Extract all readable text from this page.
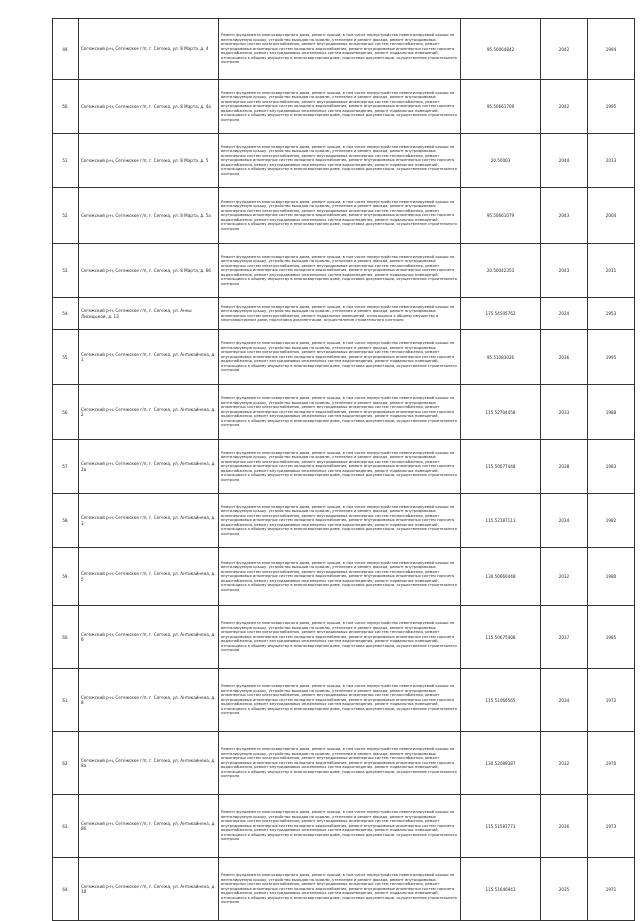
49.	Сегежский р-н, Сегежское г/п, г. Сегежа, ул. 8 Марта, д. 4	Ремонт фундамента многоквартирного дома, ремонт крыши, в том числе переустройство невентилируемой крыши на вентилируемую крышу, устройство выходов на кровлю, утепление и ремонт фасада, ремонт внутридомовых инженерных систем электроснабжения, ремонт внутридомовых инженерных систем теплоснабжения, ремонт внутридомовых инженерных систем холодного водоснабжения, ремонт внутридомовых инженерных систем горячего водоснабжения, ремонт внутридомовых инженерных систем водоотведения, ремонт подвальных помещений, относящихся к общему имуществу в многоквартирном доме, подготовка документации, осуществление строительного контроля	95.50064842	2042	1994
50.	Сегежский р-н, Сегежское г/п, г. Сегежа, ул. 8 Марта, д. 4а	Ремонт фундамента многоквартирного дома, ремонт крыши, в том числе переустройство невентилируемой крыши на вентилируемую крышу, устройство выходов на кровлю, утепление и ремонт фасада, ремонт внутридомовых инженерных систем электроснабжения, ремонт внутридомовых инженерных систем теплоснабжения, ремонт внутридомовых инженерных систем холодного водоснабжения, ремонт внутридомовых инженерных систем горячего водоснабжения, ремонт внутридомовых инженерных систем водоотведения, ремонт подвальных помещений, относящихся к общему имуществу в многоквартирном доме, подготовка документации, осуществление строительного контроля	95.50661769	2042	1995
51.	Сегежский р-н, Сегежское г/п, г. Сегежа, ул. 8 Марта, д. 5	Ремонт фундамента многоквартирного дома, ремонт крыши, в том числе переустройство невентилируемой крыши на вентилируемую крышу, устройство выходов на кровлю, утепление и ремонт фасада, ремонт внутридомовых инженерных систем электроснабжения, ремонт внутридомовых инженерных систем теплоснабжения, ремонт внутридомовых инженерных систем холодного водоснабжения, ремонт внутридомовых инженерных систем горячего водоснабжения, ремонт внутридомовых инженерных систем водоотведения, ремонт подвальных помещений, относящихся к общему имуществу в многоквартирном доме, подготовка документации, осуществление строительного контроля	20.50003	2044	2013
52.	Сегежский р-н, Сегежское г/п, г. Сегежа, ул. 8 Марта, д. 5а	Ремонт фундамента многоквартирного дома, ремонт крыши, в том числе переустройство невентилируемой крыши на вентилируемую крышу, устройство выходов на кровлю, утепление и ремонт фасада, ремонт внутридомовых инженерных систем электроснабжения, ремонт внутридомовых инженерных систем теплоснабжения, ремонт внутридомовых инженерных систем холодного водоснабжения, ремонт внутридомовых инженерных систем горячего водоснабжения, ремонт внутридомовых инженерных систем водоотведения, ремонт подвальных помещений, относящихся к общему имуществу в многоквартирном доме, подготовка документации, осуществление строительного контроля	95.50661079	2043	2004
53.	Сегежский р-н, Сегежское г/п, г. Сегежа, ул. 8 Марта, д. 6б	Ремонт фундамента многоквартирного дома, ремонт крыши, в том числе переустройство невентилируемой крыши на вентилируемую крышу, устройство выходов на кровлю, утепление и ремонт фасада, ремонт внутридомовых инженерных систем электроснабжения, ремонт внутридомовых инженерных систем теплоснабжения, ремонт внутридомовых инженерных систем холодного водоснабжения, ремонт внутридомовых инженерных систем горячего водоснабжения, ремонт внутридомовых инженерных систем водоотведения, ремонт подвальных помещений, относящихся к общему имуществу в многоквартирном доме, подготовка документации, осуществление строительного контроля	20.50042353	2043	2011
54.	Сегежский р-н, Сегежское г/п, г. Сегежа, ул. Анны Лисицыной, д. 13	Ремонт фундамента многоквартирного дома, ремонт крыши, в том числе переустройство невентилируемой крыши на вентилируемую крышу, устройство выходов на кровлю, утепление и ремонт фасада, ремонт внутридомовых инженерных систем электроснабжения, ремонт подвальных помещений, относящихся к общему имуществу в многоквартирном доме, подготовка документации, осуществление строительного контроля	175.54505762	2024	1953
55.	Сегежский р-н, Сегежское г/п, г. Сегежа, ул. Антикайнена, д. 1	Ремонт фундамента многоквартирного дома, ремонт крыши, в том числе переустройство невентилируемой крыши на вентилируемую крышу, устройство выходов на кровлю, утепление и ремонт фасада, ремонт внутридомовых инженерных систем электроснабжения, ремонт внутридомовых инженерных систем теплоснабжения, ремонт внутридомовых инженерных систем холодного водоснабжения, ремонт внутридомовых инженерных систем горячего водоснабжения, ремонт внутридомовых инженерных систем водоотведения, ремонт подвальных помещений, относящихся к общему имуществу в многоквартирном доме, подготовка документации, осуществление строительного контроля	95.51083026	2036	1995
56.	Сегежский р-н, Сегежское г/п, г. Сегежа, ул. Антикайнена, д. 2	Ремонт фундамента многоквартирного дома, ремонт крыши, в том числе переустройство невентилируемой крыши на вентилируемую крышу, устройство выходов на кровлю, утепление и ремонт фасада, ремонт внутридомовых инженерных систем электроснабжения, ремонт внутридомовых инженерных систем теплоснабжения, ремонт внутридомовых инженерных систем холодного водоснабжения, ремонт внутридомовых инженерных систем горячего водоснабжения, ремонт внутридомовых инженерных систем водоотведения, ремонт подвальных помещений, относящихся к общему имуществу в многоквартирном доме, подготовка документации, осуществление строительного контроля	115.52704458	2033	1988
57.	Сегежский р-н, Сегежское г/п, г. Сегежа, ул. Антикайнена, д. 2а	Ремонт фундамента многоквартирного дома, ремонт крыши, в том числе переустройство невентилируемой крыши на вентилируемую крышу, устройство выходов на кровлю, утепление и ремонт фасада, ремонт внутридомовых инженерных систем электроснабжения, ремонт внутридомовых инженерных систем теплоснабжения, ремонт внутридомовых инженерных систем холодного водоснабжения, ремонт внутридомовых инженерных систем горячего водоснабжения, ремонт внутридомовых инженерных систем водоотведения, ремонт подвальных помещений, относящихся к общему имуществу в многоквартирном доме, подготовка документации, осуществление строительного контроля	115.50077448	2038	1983
58.	Сегежский р-н, Сегежское г/п, г. Сегежа, ул. Антикайнена, д. 3	Ремонт фундамента многоквартирного дома, ремонт крыши, в том числе переустройство невентилируемой крыши на вентилируемую крышу, устройство выходов на кровлю, утепление и ремонт фасада, ремонт внутридомовых инженерных систем электроснабжения, ремонт внутридомовых инженерных систем теплоснабжения, ремонт внутридомовых инженерных систем холодного водоснабжения, ремонт внутридомовых инженерных систем горячего водоснабжения, ремонт внутридомовых инженерных систем водоотведения, ремонт подвальных помещений, относящихся к общему имуществу в многоквартирном доме, подготовка документации, осуществление строительного контроля	115.52187111	2034	1982
59.	Сегежский р-н, Сегежское г/п, г. Сегежа, ул. Антикайнена, д. 5	Ремонт фундамента многоквартирного дома, ремонт крыши, в том числе переустройство невентилируемой крыши на вентилируемую крышу, устройство выходов на кровлю, утепление и ремонт фасада, ремонт внутридомовых инженерных систем электроснабжения, ремонт внутридомовых инженерных систем теплоснабжения, ремонт внутридомовых инженерных систем холодного водоснабжения, ремонт внутридомовых инженерных систем горячего водоснабжения, ремонт внутридомовых инженерных систем водоотведения, ремонт подвальных помещений, относящихся к общему имуществу в многоквартирном доме, подготовка документации, осуществление строительного контроля	130.50660448	2032	1980
60.	Сегежский р-н, Сегежское г/п, г. Сегежа, ул. Антикайнена, д. 6	Ремонт фундамента многоквартирного дома, ремонт крыши, в том числе переустройство невентилируемой крыши на вентилируемую крышу, устройство выходов на кровлю, утепление и ремонт фасада, ремонт внутридомовых инженерных систем электроснабжения, ремонт внутридомовых инженерных систем теплоснабжения, ремонт внутридомовых инженерных систем холодного водоснабжения, ремонт внутридомовых инженерных систем горячего водоснабжения, ремонт внутридомовых инженерных систем водоотведения, ремонт подвальных помещений, относящихся к общему имуществу в многоквартирном доме, подготовка документации, осуществление строительного контроля	115.50675408	2037	1985
61.	Сегежский р-н, Сегежское г/п, г. Сегежа, ул. Антикайнена, д. 8	Ремонт фундамента многоквартирного дома, ремонт крыши, в том числе переустройство невентилируемой крыши на вентилируемую крышу, устройство выходов на кровлю, утепление и ремонт фасада, ремонт внутридомовых инженерных систем электроснабжения, ремонт внутридомовых инженерных систем теплоснабжения, ремонт внутридомовых инженерных систем холодного водоснабжения, ремонт внутридомовых инженерных систем горячего водоснабжения, ремонт внутридомовых инженерных систем водоотведения, ремонт подвальных помещений, относящихся к общему имуществу в многоквартирном доме, подготовка документации, осуществление строительного контроля	115.51066565	2034	1972
62.	Сегежский р-н, Сегежское г/п, г. Сегежа, ул. Антикайнена, д. 8а	Ремонт фундамента многоквартирного дома, ремонт крыши, в том числе переустройство невентилируемой крыши на вентилируемую крышу, устройство выходов на кровлю, утепление и ремонт фасада, ремонт внутридомовых инженерных систем электроснабжения, ремонт внутридомовых инженерных систем теплоснабжения, ремонт внутридомовых инженерных систем холодного водоснабжения, ремонт внутридомовых инженерных систем горячего водоснабжения, ремонт внутридомовых инженерных систем водоотведения, ремонт подвальных помещений, относящихся к общему имуществу в многоквартирном доме, подготовка документации, осуществление строительного контроля	130.52089387	2032	1970
63.	Сегежский р-н, Сегежское г/п, г. Сегежа, ул. Антикайнена, д. 8б	Ремонт фундамента многоквартирного дома, ремонт крыши, в том числе переустройство невентилируемой крыши на вентилируемую крышу, устройство выходов на кровлю, утепление и ремонт фасада, ремонт внутридомовых инженерных систем электроснабжения, ремонт внутридомовых инженерных систем теплоснабжения, ремонт внутридомовых инженерных систем холодного водоснабжения, ремонт внутридомовых инженерных систем горячего водоснабжения, ремонт внутридомовых инженерных систем водоотведения, ремонт подвальных помещений, относящихся к общему имуществу в многоквартирном доме, подготовка документации, осуществление строительного контроля	115.51587771	2036	1973
64.	Сегежский р-н, Сегежское г/п, г. Сегежа, ул. Антикайнена, д. 10	Ремонт фундамента многоквартирного дома, ремонт крыши, в том числе переустройство невентилируемой крыши на вентилируемую крышу, устройство выходов на кровлю, утепление и ремонт фасада, ремонт внутридомовых инженерных систем электроснабжения, ремонт внутридомовых инженерных систем теплоснабжения, ремонт внутридомовых инженерных систем холодного водоснабжения, ремонт внутридомовых инженерных систем горячего водоснабжения, ремонт внутридомовых инженерных систем водоотведения, ремонт подвальных помещений, относящихся к общему имуществу в многоквартирном доме, подготовка документации, осуществление строительного контроля	115.51646943	2035	1971
